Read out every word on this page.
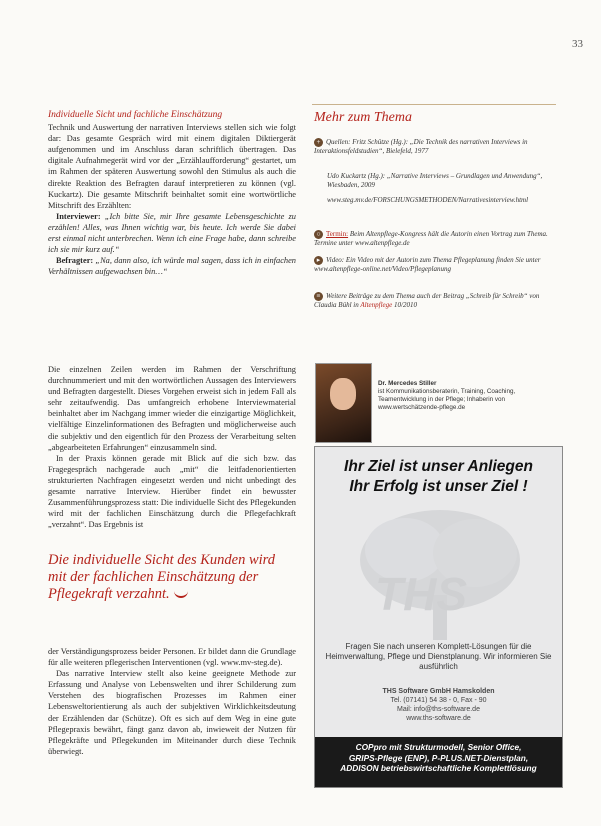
33
Individuelle Sicht und fachliche Einschätzung

Technik und Auswertung der narrativen Interviews stellen sich wie folgt dar: Das gesamte Gespräch wird mit einem digitalen Diktiergerät aufgenommen und im Anschluss daran schriftlich übertragen. Das digitale Aufnahmegerät wird vor der „Erzählaufforderung“ gestartet, um im Rahmen der späteren Auswertung sowohl den Stimulus als auch die direkte Reaktion des Befragten darauf interpretieren zu können (vgl. Kuckartz). Die gesamte Mitschrift beinhaltet somit eine wortwörtliche Mitschrift des Erzählten:

Interviewer: „Ich bitte Sie, mir Ihre gesamte Lebensgeschichte zu erzählen! Alles, was Ihnen wichtig war, bis heute. Ich werde Sie dabei erst einmal nicht unterbrechen. Wenn ich eine Frage habe, dann schreibe ich sie mir kurz auf.“

Befragter: „Na, dann also, ich würde mal sagen, dass ich in einfachen Verhältnissen aufgewachsen bin…“

Die einzelnen Zeilen werden im Rahmen der Verschriftung durchnummeriert und mit den wortwörtlichen Aussagen des Interviewers und Befragten dargestellt. Dieses Vorgehen erweist sich in jedem Fall als sehr zeitaufwendig. Das umfangreich erhobene Interviewmaterial beinhaltet aber im Nachgang immer wieder die einzigartige Möglichkeit, vielfältige Einzelinformationen des Befragten und möglicherweise auch die subjektiv und den eigentlich für den Prozess der Verarbeitung selten „abgearbeiteten Erfahrungen“ einzusammeln sind.

In der Praxis können gerade mit Blick auf die sich bzw. das Fragegespräch nachgerade auch „mit“ die leitfadenorientierten strukturierten Nachfragen eingesetzt werden und nicht unbedingt des gesamte narrative Interview. Hierüber findet ein bewusster Zusammenführungsprozess statt: Die individuelle Sicht des Pflegekunden wird mit der fachlichen Einschätzung durch die Pflegefachkraft „verzahnt“. Das Ergebnis ist

Die individuelle Sicht des Kunden wird mit der fachlichen Einschätzung der Pflegekraft verzahnt.

der Verständigungsprozess beider Personen. Er bildet dann die Grundlage für alle weiteren pflegerischen Interventionen (vgl. www.mv-steg.de).

Das narrative Interview stellt also keine geeignete Methode zur Erfassung und Analyse von Lebenswelten und ihrer Schilderung zum Verstehen des biografischen Prozesses im Rahmen einer Lebensweltorientierung als auch der subjektiven Wirklichkeitsdeutung der Erzählenden dar (Schütze). Oft es sich auf dem Weg in eine gute Pflegepraxis bewährt, fängt ganz davon ab, inwieweit der Nutzen für Pflegekräfte und Pflegekunden im Miteinander durch diese Technik überwiegt.

Mehr zum Thema
+ Quellen: Fritz Schütze (Hg.): „Die Technik des narrativen Interviews in Interaktionsfeldstudien“, Bielefeld, 1977
Udo Kuckartz (Hg.): „Narrative Interviews – Grundlagen und Anwendung“, Wiesbaden, 2009
www.steg.mv.de/FORSCHUNGSMETHODEN/Narrativesinterview.html
○ Termin: Beim Altenpflege-Kongress hält die Autorin einen Vortrag zum Thema. Termine unter www.altenpflege.de
▸ Video: Ein Video mit der Autorin zum Thema Pflegeplanung finden Sie unter www.altenpflege-online.net/Video/Pflegeplanung
≡ Weitere Beiträge zu dem Thema auch der Beitrag „Schreib für Schreib“ von Claudia Bühl in Altenpflege 10/2010
Dr. Mercedes Stiller
ist Kommunikationsberaterin, Training, Coaching, Teamentwicklung in der Pflege; Inhaberin von www.wertschätzende-pflege.de
Ihr Ziel ist unser Anliegen
Ihr Erfolg ist unser Ziel !
THS
Fragen Sie nach unseren Komplett-Lösungen für die Heimverwaltung, Pflege und Dienstplanung. Wir informieren Sie ausführlich
THS Software GmbH Hamskolden
Tel. (07141) 54 38 - 0, Fax - 90
Mail: info@ths-software.de
www.ths-software.de
COPpro mit Strukturmodell, Senior Office,
GRIPS-Pflege (ENP), P-PLUS.NET-Dienstplan,
ADDISON betriebswirtschaftliche Komplettlösung
